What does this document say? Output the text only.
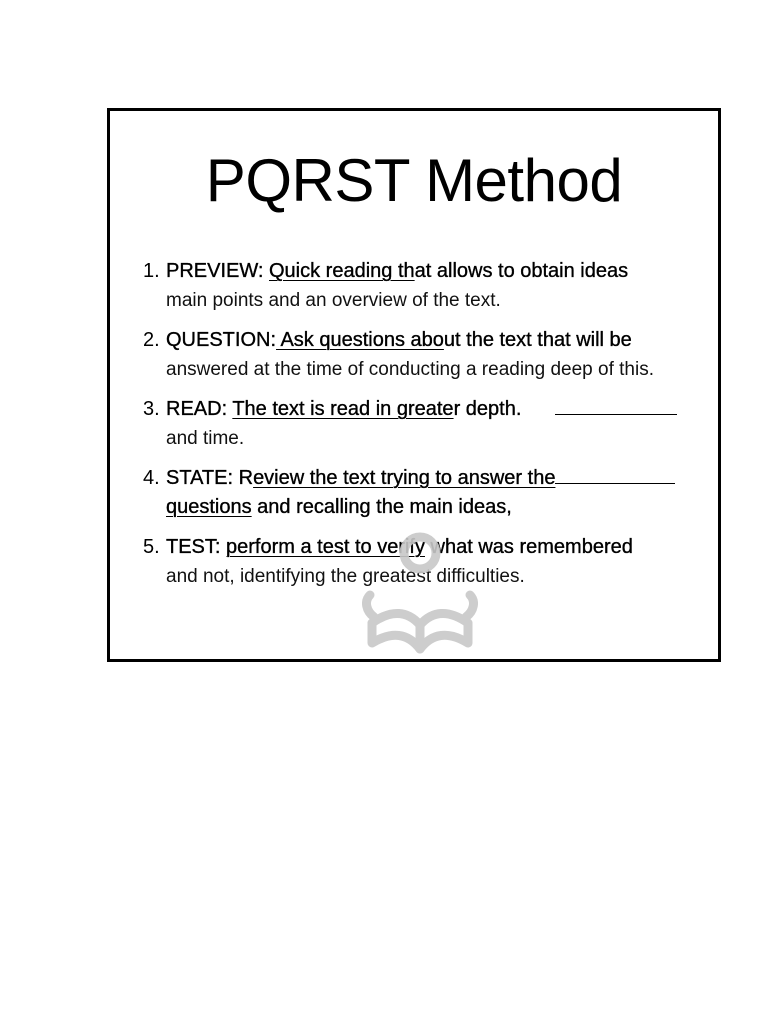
PQRST Method
1. PREVIEW: Quick reading that allows to obtain ideas
main points and an overview of the text.
2. QUESTION: Ask questions about the text that will be
answered at the time of conducting a reading deep of this.
3. READ: The text is read in greater depth.
and time.
4. STATE: Review the text trying to answer the
questions and recalling the main ideas,
5. TEST: perform a test to verify what was remembered
and not, identifying the greatest difficulties.
